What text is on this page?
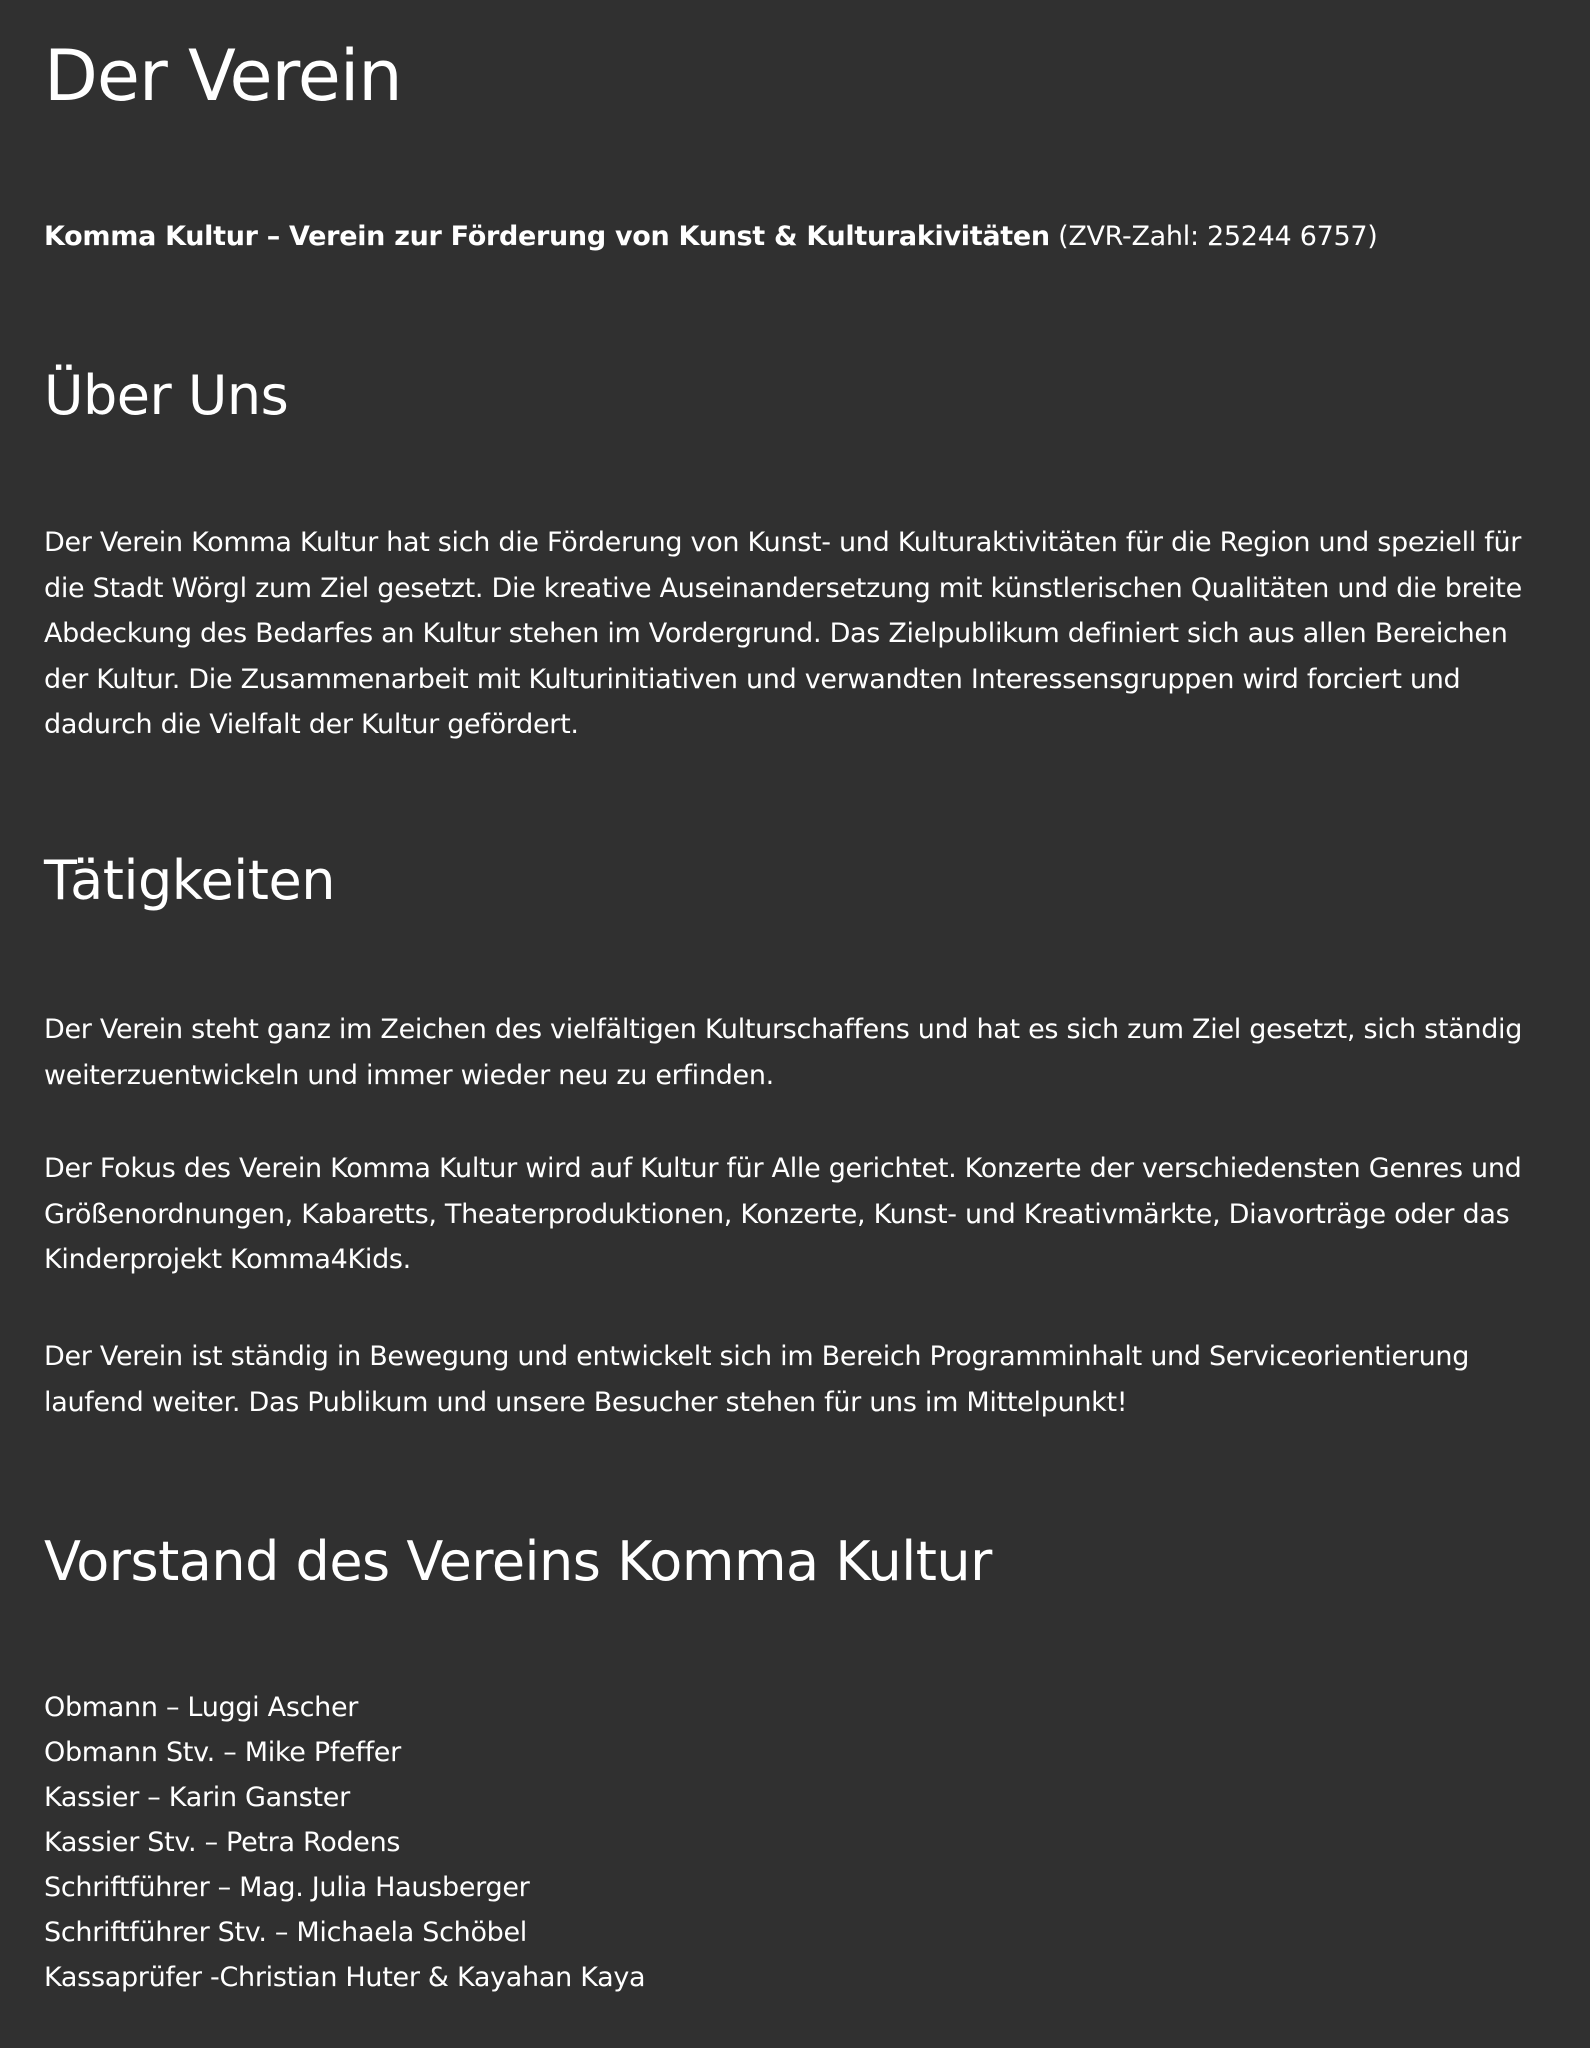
Der Verein

Komma Kultur – Verein zur Förderung von Kunst & Kulturakivitäten (ZVR-Zahl: 25244 6757)

Über Uns

Der Verein Komma Kultur hat sich die Förderung von Kunst- und Kulturaktivitäten für die Region und speziell für die Stadt Wörgl zum Ziel gesetzt. Die kreative Auseinandersetzung mit künstlerischen Qualitäten und die breite Abdeckung des Bedarfes an Kultur stehen im Vordergrund. Das Zielpublikum definiert sich aus allen Bereichen der Kultur. Die Zusammenarbeit mit Kulturinitiativen und verwandten Interessensgruppen wird forciert und dadurch die Vielfalt der Kultur gefördert.

Tätigkeiten

Der Verein steht ganz im Zeichen des vielfältigen Kulturschaffens und hat es sich zum Ziel gesetzt, sich ständig weiterzuentwickeln und immer wieder neu zu erfinden.

Der Fokus des Verein Komma Kultur wird auf Kultur für Alle gerichtet. Konzerte der verschiedensten Genres und Größenordnungen, Kabaretts, Theaterproduktionen, Konzerte, Kunst- und Kreativmärkte, Diavorträge oder das Kinderprojekt Komma4Kids.

Der Verein ist ständig in Bewegung und entwickelt sich im Bereich Programminhalt und Serviceorientierung laufend weiter. Das Publikum und unsere Besucher stehen für uns im Mittelpunkt!

Vorstand des Vereins Komma Kultur
Obmann – Luggi Ascher
Obmann Stv. – Mike Pfeffer
Kassier – Karin Ganster
Kassier Stv. – Petra Rodens
Schriftführer – Mag. Julia Hausberger
Schriftführer Stv. – Michaela Schöbel
Kassaprüfer -Christian Huter & Kayahan Kaya
